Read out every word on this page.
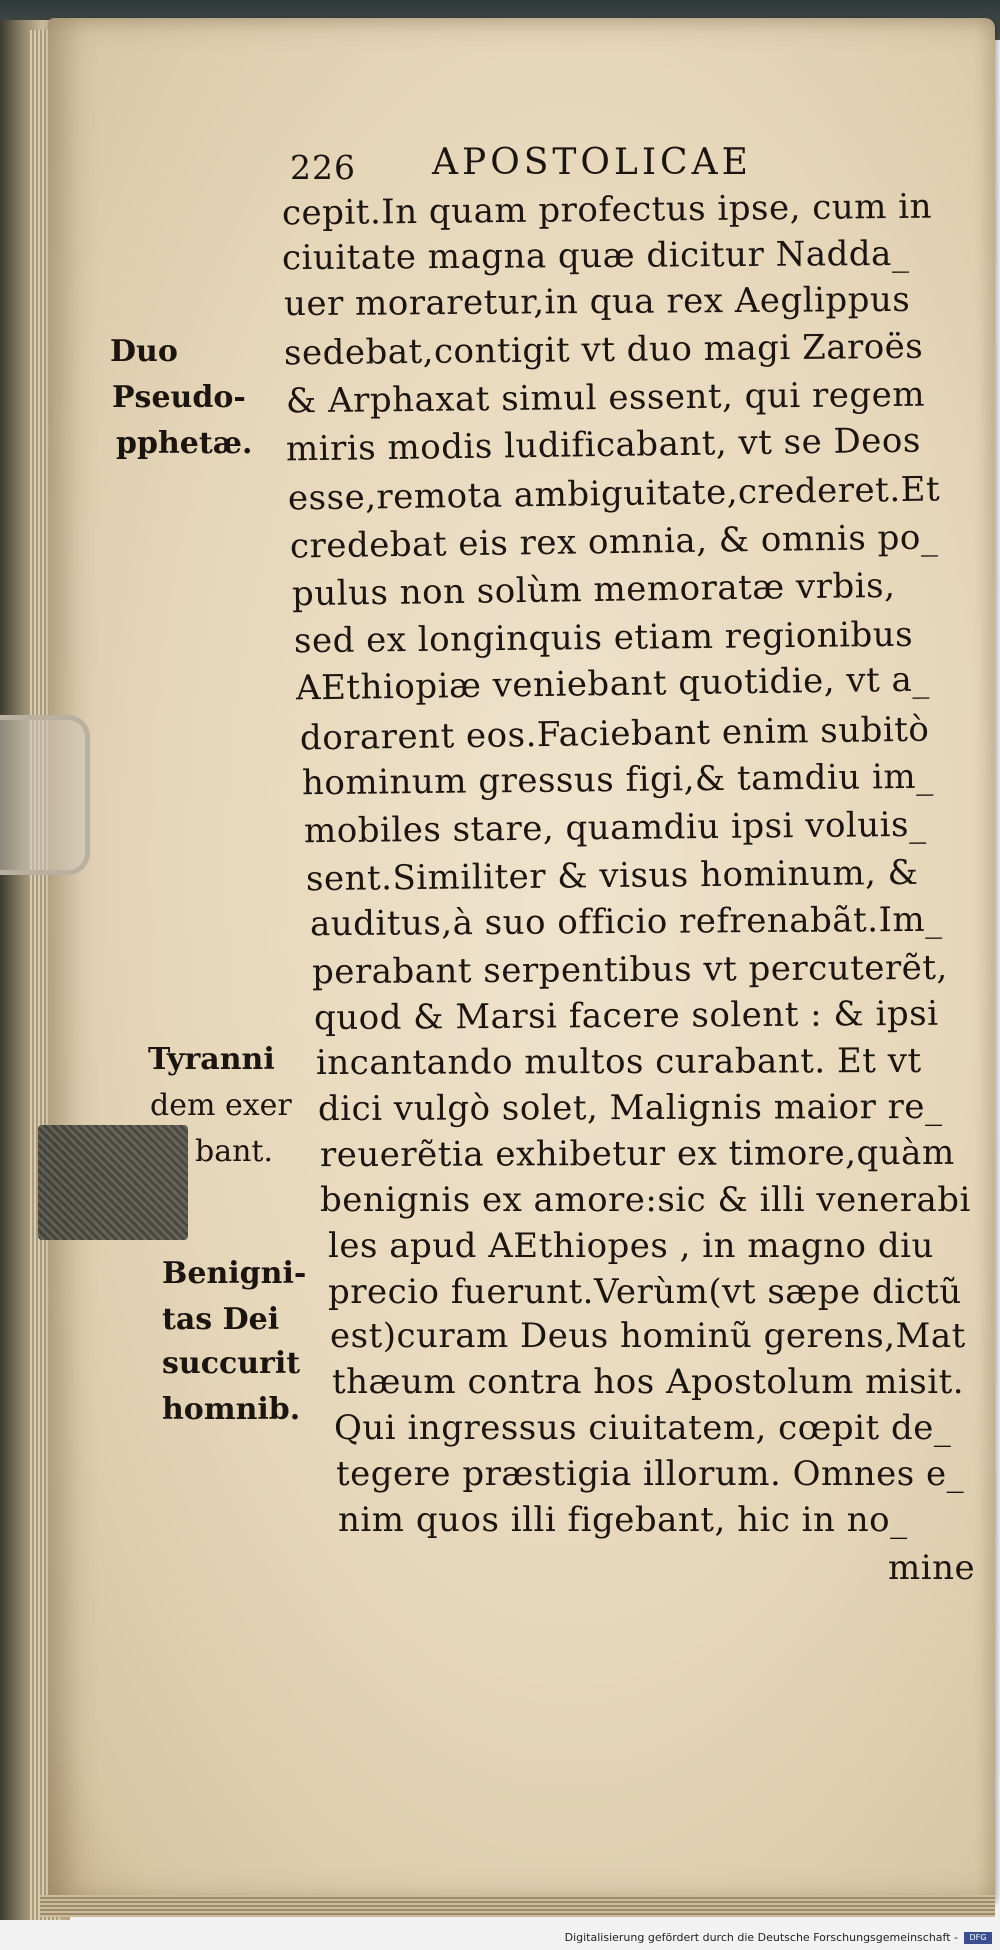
226 APOSTOLICAE
cepit.In quam profectus ipse, cum in
ciuitate magna quæ dicitur Nadda_
uer moraretur,in qua rex Aeglippus
sedebat,contigit vt duo magi Zaroës
& Arphaxat simul essent, qui regem
miris modis ludificabant, vt se Deos
esse,remota ambiguitate,crederet.Et
credebat eis rex omnia, & omnis po_
pulus non solùm memoratæ vrbis,
sed ex longinquis etiam regionibus
AEthiopiæ veniebant quotidie, vt a_
dorarent eos.Faciebant enim subitò
hominum gressus figi,& tamdiu im_
mobiles stare, quamdiu ipsi voluis_
sent.Similiter & visus hominum, &
auditus,à suo officio refrenabãt.Im_
perabant serpentibus vt percuterẽt,
quod & Marsi facere solent : & ipsi
incantando multos curabant. Et vt
dici vulgò solet, Malignis maior re_
reuerẽtia exhibetur ex timore,quàm
benignis ex amore:sic & illi venerabi
les apud AEthiopes , in magno diu
precio fuerunt.Verùm(vt sæpe dictũ
est)curam Deus hominũ gerens,Mat
thæum contra hos Apostolum misit.
Qui ingressus ciuitatem, cœpit de_
tegere præstigia illorum. Omnes e_
nim quos illi figebant, hic in no_
mine
Duo
Pseudo-
pphetæ.
Tyranni
dem exer
bant.
Benigni-
tas Dei
succurit
homnib.
Digitalisierung gefördert durch die Deutsche Forschungsgemeinschaft -	DFG
